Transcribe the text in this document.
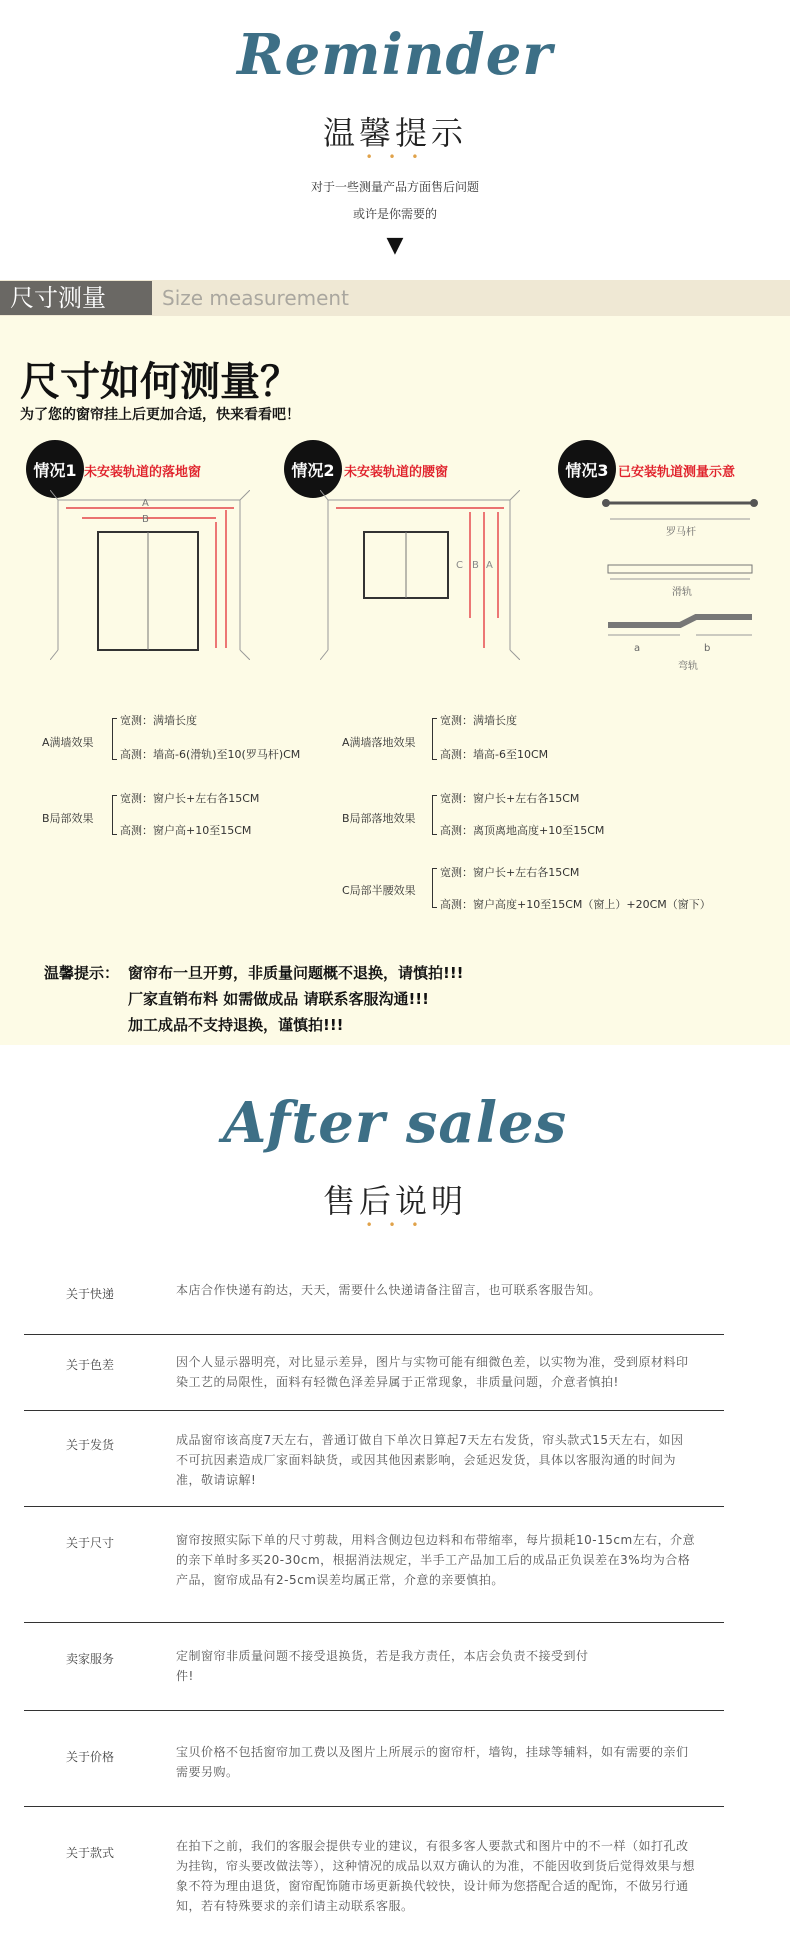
Reminder
温馨提示
• • •
对于一些测量产品方面售后问题
或许是你需要的
▼
尺寸测量	Size measurement
尺寸如何测量？
为了您的窗帘挂上后更加合适，快来看看吧！
情况1 未安装轨道的落地窗	情况2 未安装轨道的腰窗	情况3 已安装轨道测量示意
A
B
C B A
罗马杆
滑轨
a	b
弯轨
A满墙效果
宽测：满墙长度
高测：墙高-6(滑轨)至10(罗马杆)CM
B局部效果
宽测：窗户长+左右各15CM
高测：窗户高+10至15CM
A满墙落地效果
宽测：满墙长度
高测：墙高-6至10CM
B局部落地效果
宽测：窗户长+左右各15CM
高测：离顶离地高度+10至15CM
C局部半腰效果
宽测：窗户长+左右各15CM
高测：窗户高度+10至15CM（窗上）+20CM（窗下）
温馨提示： 窗帘布一旦开剪，非质量问题概不退换，请慎拍!!!
厂家直销布料 如需做成品 请联系客服沟通!!!
加工成品不支持退换，谨慎拍!!!
After sales
售后说明
• • •
关于快递	本店合作快递有韵达，天天，需要什么快递请备注留言，也可联系客服告知。
关于色差	因个人显示器明亮，对比显示差异，图片与实物可能有细微色差，以实物为准，受到原材料印染工艺的局限性，面料有轻微色泽差异属于正常现象，非质量问题，介意者慎拍!
关于发货	成品窗帘该高度7天左右，普通订做自下单次日算起7天左右发货，帘头款式15天左右，如因不可抗因素造成厂家面料缺货，或因其他因素影响，会延迟发货，具体以客服沟通的时间为准，敬请谅解!
关于尺寸	窗帘按照实际下单的尺寸剪裁，用料含侧边包边料和布带缩率，每片损耗10-15cm左右，介意的亲下单时多买20-30cm，根据消法规定，半手工产品加工后的成品正负误差在3%均为合格产品，窗帘成品有2-5cm误差均属正常，介意的亲要慎拍。
卖家服务	定制窗帘非质量问题不接受退换货，若是我方责任，本店会负责不接受到付件!
关于价格	宝贝价格不包括窗帘加工费以及图片上所展示的窗帘杆，墙钩，挂球等辅料，如有需要的亲们需要另购。
关于款式	在拍下之前，我们的客服会提供专业的建议，有很多客人要款式和图片中的不一样（如打孔改为挂钩，帘头要改做法等），这种情况的成品以双方确认的为准，不能因收到货后觉得效果与想象不符为理由退货，窗帘配饰随市场更新换代较快，设计师为您搭配合适的配饰，不做另行通知，若有特殊要求的亲们请主动联系客服。
